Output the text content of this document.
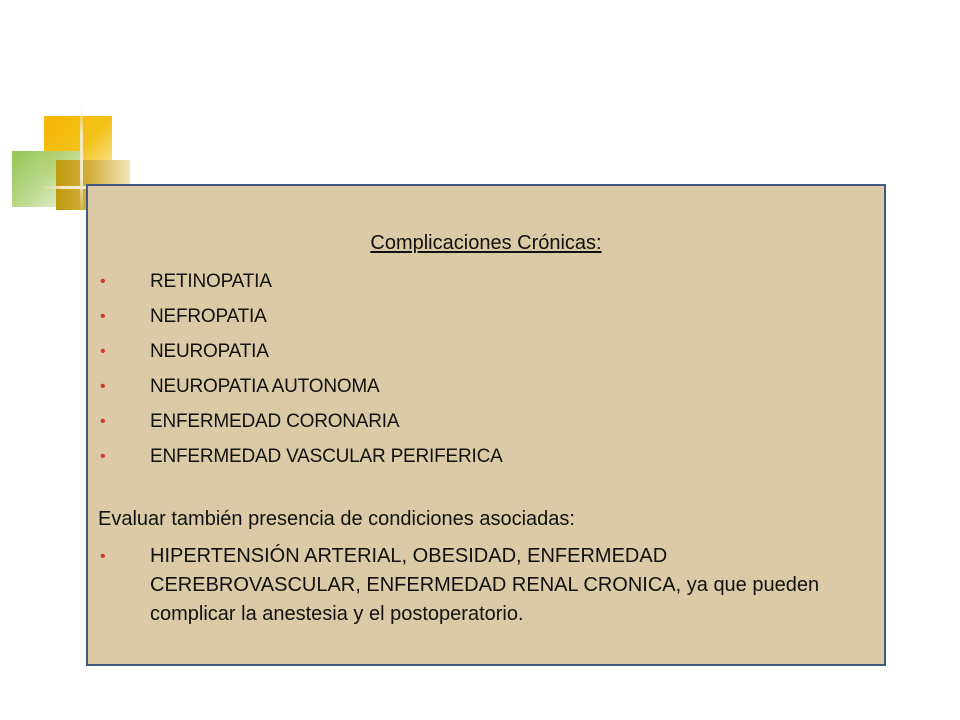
Complicaciones Crónicas:
• RETINOPATIA
• NEFROPATIA
• NEUROPATIA
• NEUROPATIA AUTONOMA
• ENFERMEDAD CORONARIA
• ENFERMEDAD VASCULAR PERIFERICA
Evaluar también presencia de condiciones asociadas:
• HIPERTENSIÓN ARTERIAL, OBESIDAD, ENFERMEDAD CEREBROVASCULAR, ENFERMEDAD RENAL CRONICA, ya que pueden complicar la anestesia y el postoperatorio.
